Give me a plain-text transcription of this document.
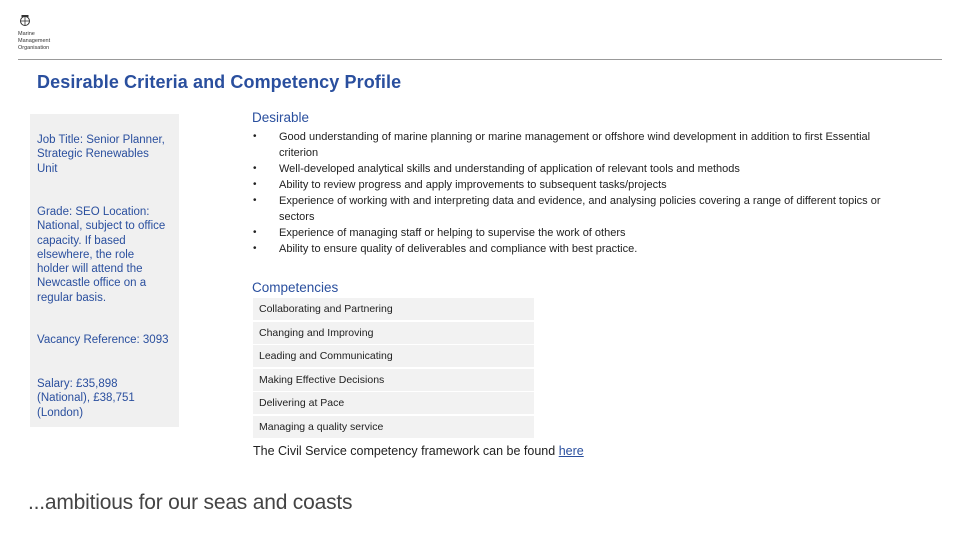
Marine
Management
Organisation
Desirable Criteria and Competency Profile
Job Title: Senior Planner, Strategic Renewables Unit
Grade: SEO Location: National, subject to office capacity. If based elsewhere, the role holder will attend the Newcastle office on a regular basis.
Vacancy Reference: 3093
Salary: £35,898 (National), £38,751 (London)
Desirable
• Good understanding of marine planning or marine management or offshore wind development in addition to first Essential criterion
• Well-developed analytical skills and understanding of application of relevant tools and methods
• Ability to review progress and apply improvements to subsequent tasks/projects
• Experience of working with and interpreting data and evidence, and analysing policies covering a range of different topics or sectors
• Experience of managing staff or helping to supervise the work of others
• Ability to ensure quality of deliverables and compliance with best practice.
Competencies
Collaborating and Partnering
Changing and Improving
Leading and Communicating
Making Effective Decisions
Delivering at Pace
Managing a quality service
The Civil Service competency framework can be found here
...ambitious for our seas and coasts
